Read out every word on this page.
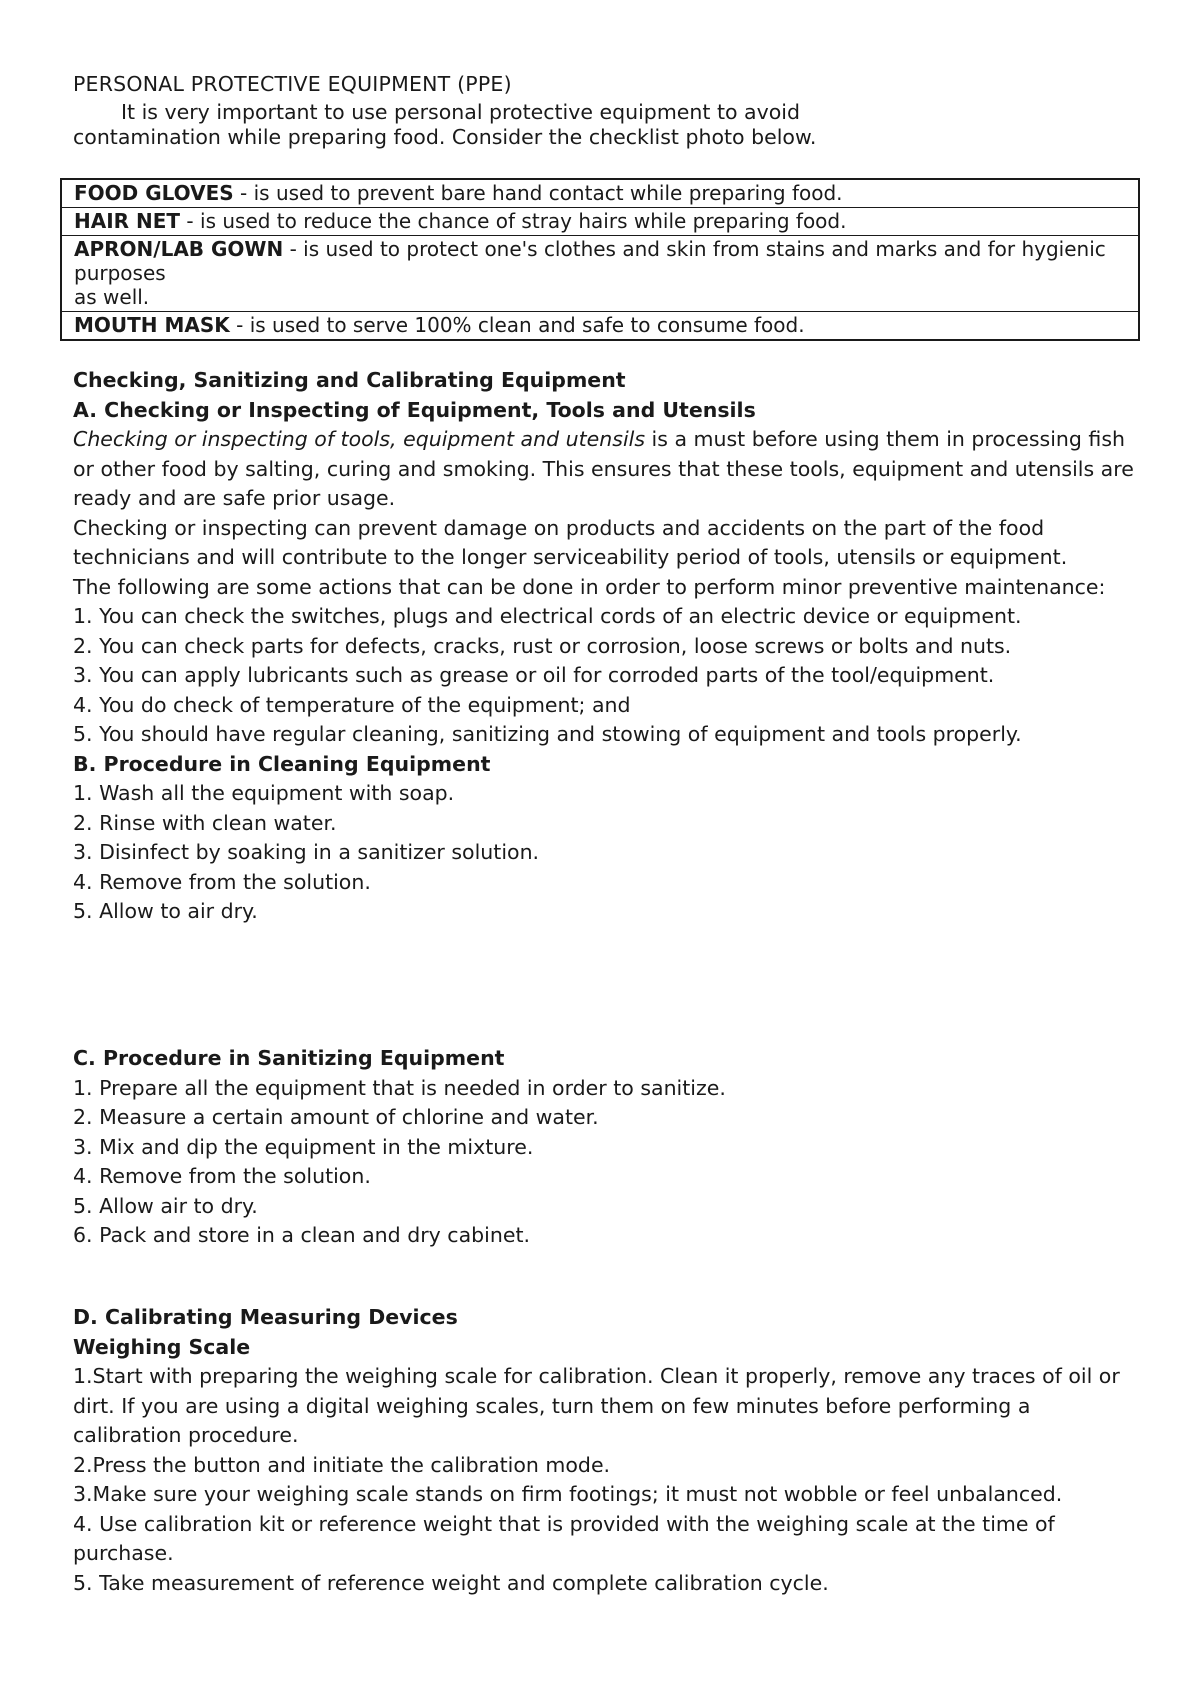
PERSONAL PROTECTIVE EQUIPMENT (PPE)

It is very important to use personal protective equipment to avoid
contamination while preparing food. Consider the checklist photo below.

FOOD GLOVES - is used to prevent bare hand contact while preparing food.
HAIR NET - is used to reduce the chance of stray hairs while preparing food.
APRON/LAB GOWN - is used to protect one's clothes and skin from stains and marks and for hygienic purposes
as well.
MOUTH MASK - is used to serve 100% clean and safe to consume food.

Checking, Sanitizing and Calibrating Equipment

A. Checking or Inspecting of Equipment, Tools and Utensils

Checking or inspecting of tools, equipment and utensils is a must before using them in processing fish or other food by salting, curing and smoking. This ensures that these tools, equipment and utensils are ready and are safe prior usage.

Checking or inspecting can prevent damage on products and accidents on the part of the food technicians and will contribute to the longer serviceability period of tools, utensils or equipment.

The following are some actions that can be done in order to perform minor preventive maintenance:

1. You can check the switches, plugs and electrical cords of an electric device or equipment.

2. You can check parts for defects, cracks, rust or corrosion, loose screws or bolts and nuts.

3. You can apply lubricants such as grease or oil for corroded parts of the tool/equipment.

4. You do check of temperature of the equipment; and

5. You should have regular cleaning, sanitizing and stowing of equipment and tools properly.

B. Procedure in Cleaning Equipment

1. Wash all the equipment with soap.

2. Rinse with clean water.

3. Disinfect by soaking in a sanitizer solution.

4. Remove from the solution.

5. Allow to air dry.

C. Procedure in Sanitizing Equipment

1. Prepare all the equipment that is needed in order to sanitize.

2. Measure a certain amount of chlorine and water.

3. Mix and dip the equipment in the mixture.

4. Remove from the solution.

5. Allow air to dry.

6. Pack and store in a clean and dry cabinet.

D. Calibrating Measuring Devices

Weighing Scale

1.Start with preparing the weighing scale for calibration. Clean it properly, remove any traces of oil or dirt. If you are using a digital weighing scales, turn them on few minutes before performing a calibration procedure.

2.Press the button and initiate the calibration mode.

3.Make sure your weighing scale stands on firm footings; it must not wobble or feel unbalanced.

4. Use calibration kit or reference weight that is provided with the weighing scale at the time of purchase.

5. Take measurement of reference weight and complete calibration cycle.
